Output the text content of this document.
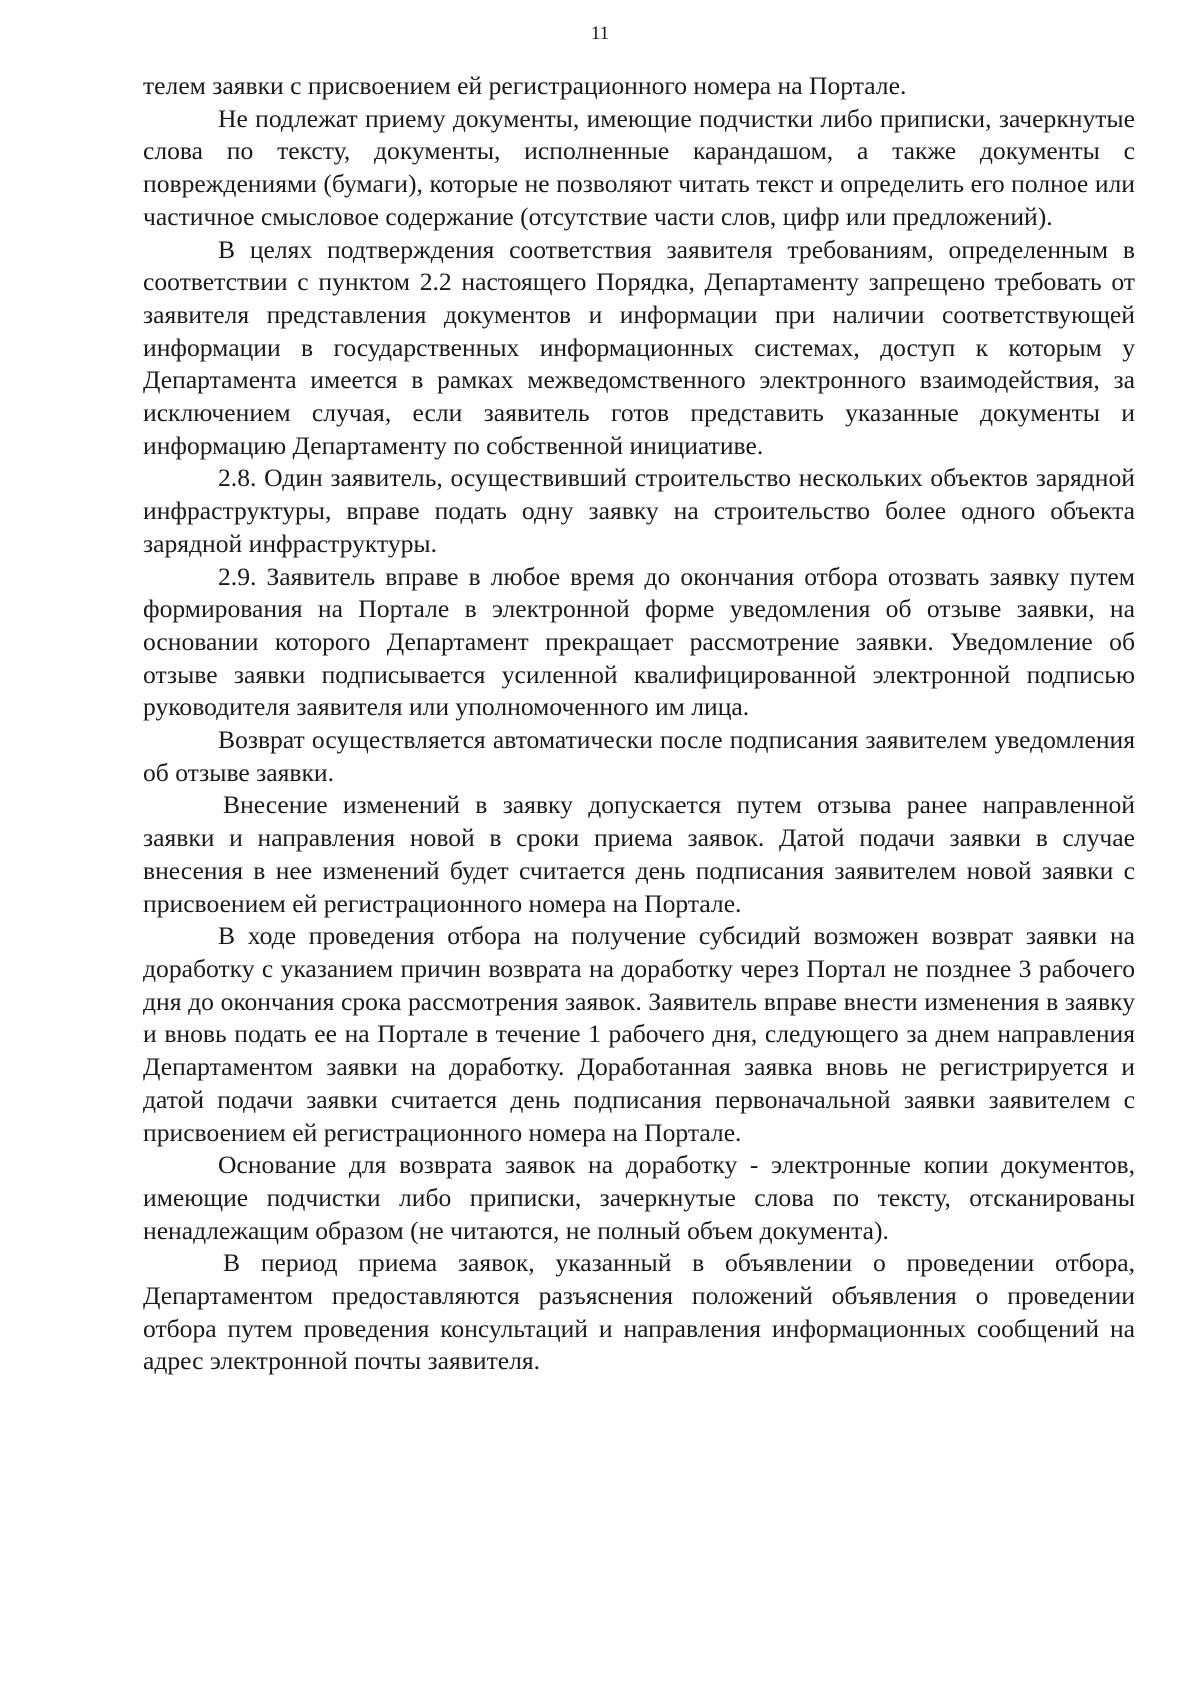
11

телем заявки с присвоением ей регистрационного номера на Портале.

Не подлежат приему документы, имеющие подчистки либо приписки, зачеркнутые слова по тексту, документы, исполненные карандашом, а также документы с повреждениями (бумаги), которые не позволяют читать текст и определить его полное или частичное смысловое содержание (отсутствие части слов, цифр или предложений).

В целях подтверждения соответствия заявителя требованиям, определенным в соответствии с пунктом 2.2 настоящего Порядка, Департаменту запрещено требовать от заявителя представления документов и информации при наличии соответствующей информации в государственных информационных системах, доступ к которым у Департамента имеется в рамках межведомственного электронного взаимодействия, за исключением случая, если заявитель готов представить указанные документы и информацию Департаменту по собственной инициативе.

2.8. Один заявитель, осуществивший строительство нескольких объектов зарядной инфраструктуры, вправе подать одну заявку на строительство более одного объекта зарядной инфраструктуры.

2.9. Заявитель вправе в любое время до окончания отбора отозвать заявку путем формирования на Портале в электронной форме уведомления об отзыве заявки, на основании которого Департамент прекращает рассмотрение заявки. Уведомление об отзыве заявки подписывается усиленной квалифицированной электронной подписью руководителя заявителя или уполномоченного им лица.

Возврат осуществляется автоматически после подписания заявителем уведомления об отзыве заявки.

Внесение изменений в заявку допускается путем отзыва ранее направленной заявки и направления новой в сроки приема заявок. Датой подачи заявки в случае внесения в нее изменений будет считается день подписания заявителем новой заявки с присвоением ей регистрационного номера на Портале.

В ходе проведения отбора на получение субсидий возможен возврат заявки на доработку с указанием причин возврата на доработку через Портал не позднее 3 рабочего дня до окончания срока рассмотрения заявок. Заявитель вправе внести изменения в заявку и вновь подать ее на Портале в течение 1 рабочего дня, следующего за днем направления Департаментом заявки на доработку. Доработанная заявка вновь не регистрируется и датой подачи заявки считается день подписания первоначальной заявки заявителем с присвоением ей регистрационного номера на Портале.

Основание для возврата заявок на доработку - электронные копии документов, имеющие подчистки либо приписки, зачеркнутые слова по тексту, отсканированы ненадлежащим образом (не читаются, не полный объем документа).

В период приема заявок, указанный в объявлении о проведении отбора, Департаментом предоставляются разъяснения положений объявления о проведении отбора путем проведения консультаций и направления информационных сообщений на адрес электронной почты заявителя.
